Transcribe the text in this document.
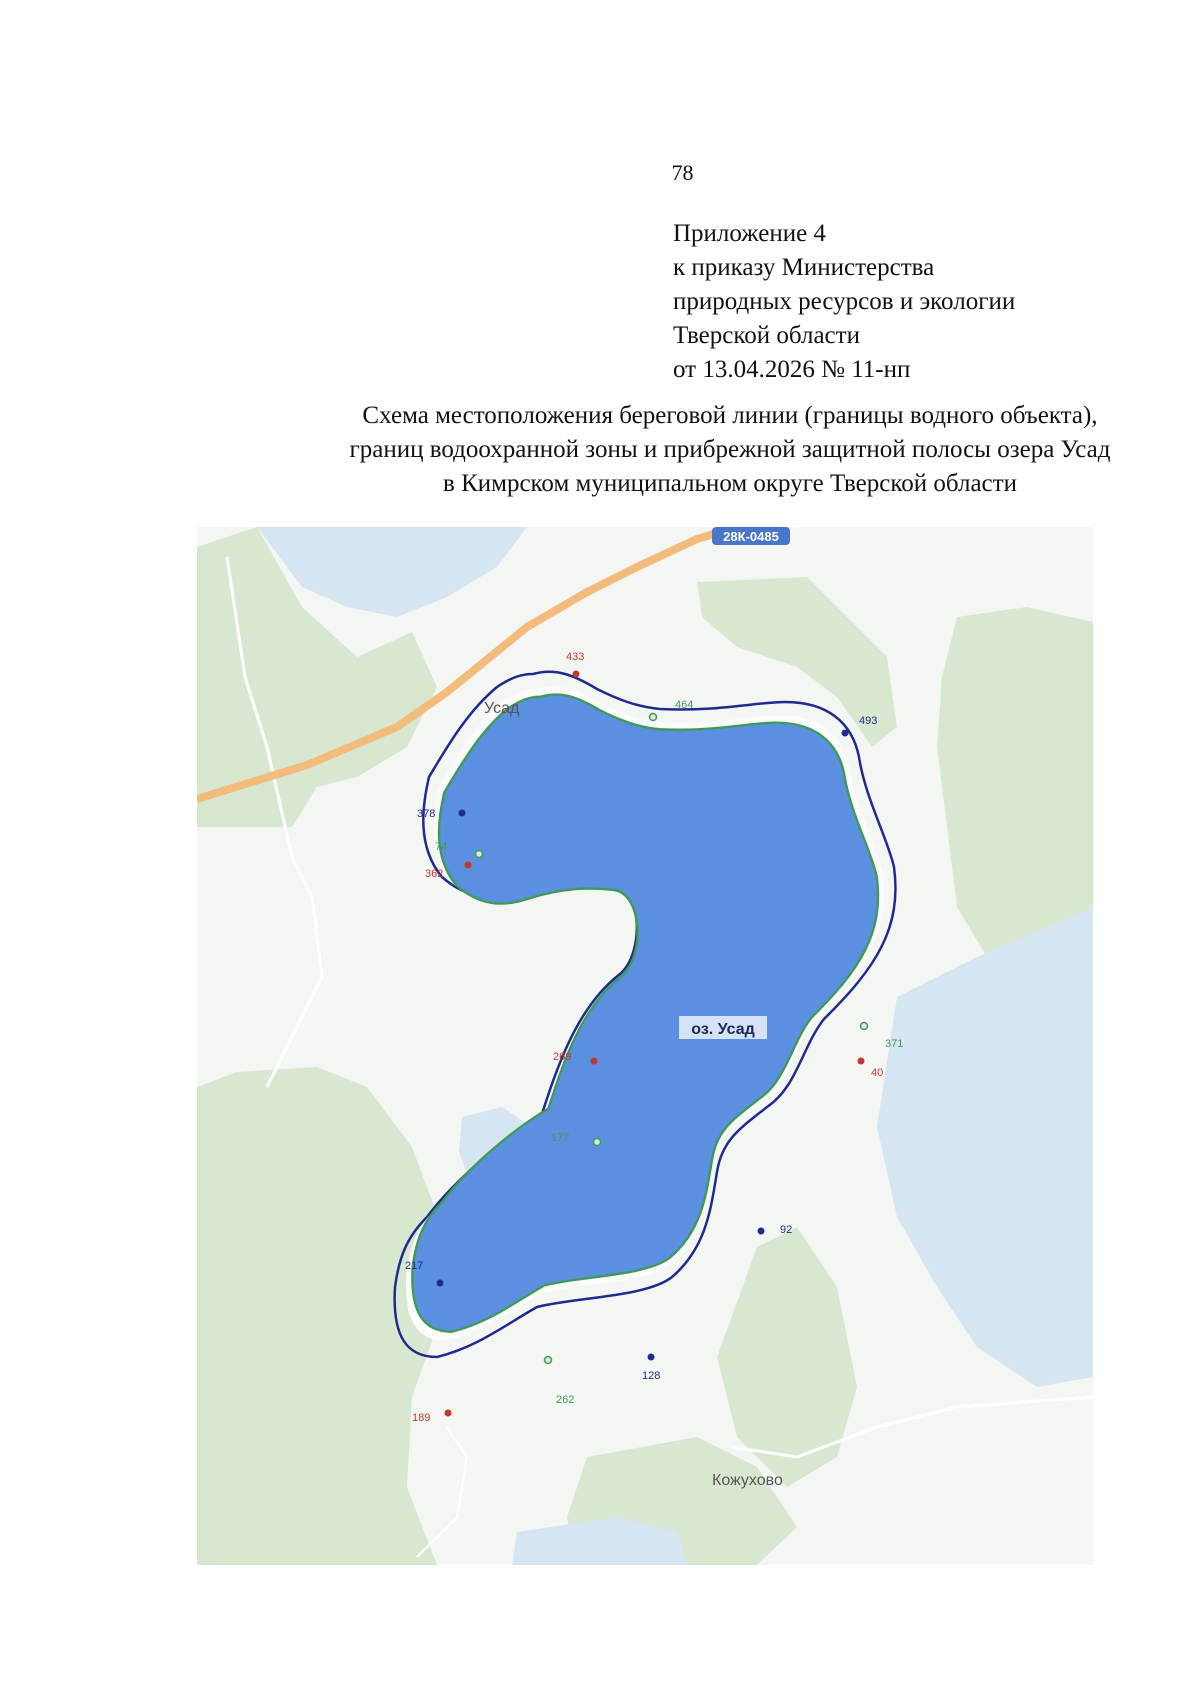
78
Приложение 4
к приказу Министерства
природных ресурсов и экологии
Тверской области
от 13.04.2026 № 11-нп
Схема местоположения береговой линии (границы водного объекта),
границ водоохранной зоны и прибрежной защитной полосы озера Усад
в Кимрском муниципальном округе Тверской области
28К-0485
Усад
Кожухово
оз. Усад
433
464
493
378
74
362
371
40
269
177
92
217
128
262
189
